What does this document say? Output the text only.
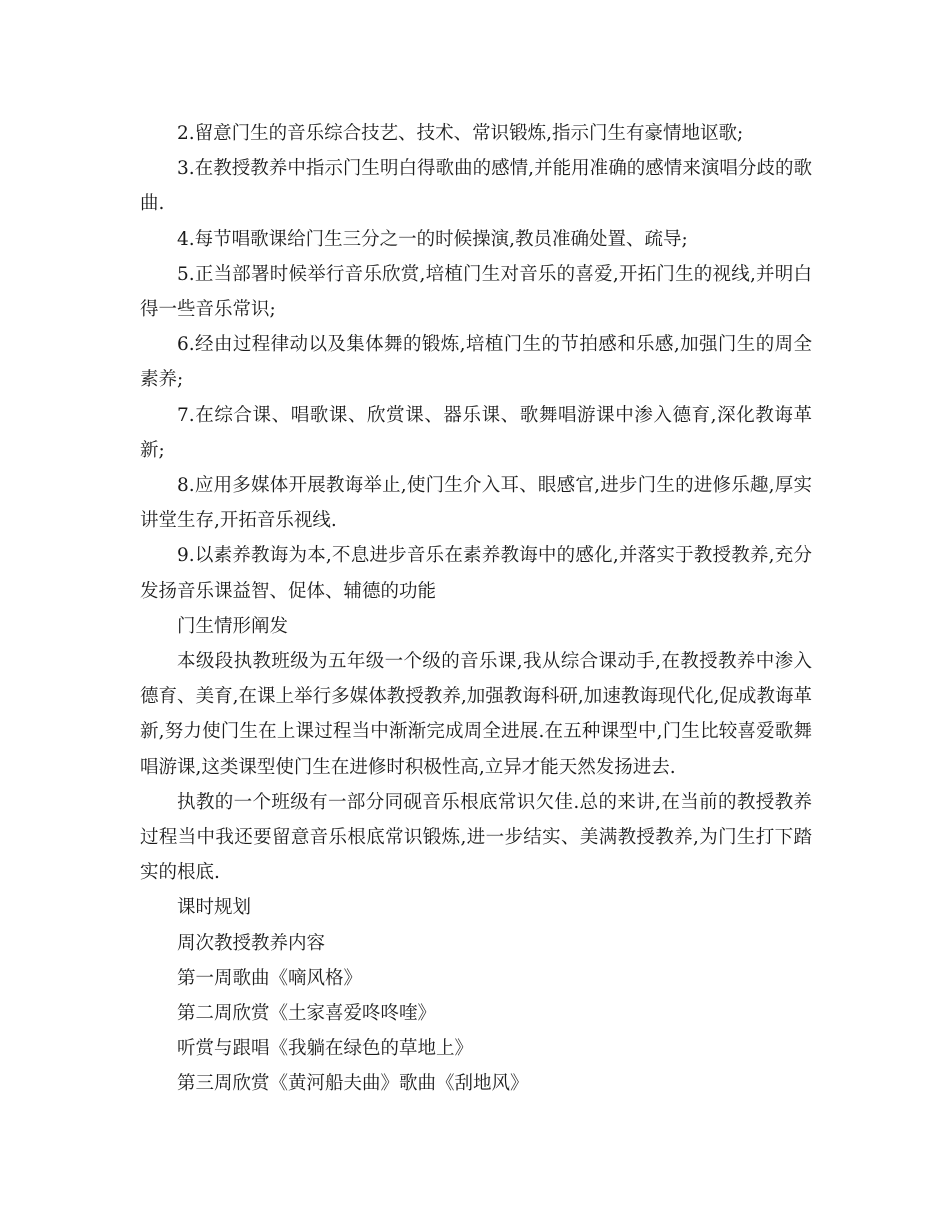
2.留意门生的音乐综合技艺、技术、常识锻炼,指示门生有豪情地讴歌;

3.在教授教养中指示门生明白得歌曲的感情,并能用准确的感情来演唱分歧的歌曲.

4.每节唱歌课给门生三分之一的时候操演,教员准确处置、疏导;

5.正当部署时候举行音乐欣赏,培植门生对音乐的喜爱,开拓门生的视线,并明白得一些音乐常识;

6.经由过程律动以及集体舞的锻炼,培植门生的节拍感和乐感,加强门生的周全素养;

7.在综合课、唱歌课、欣赏课、器乐课、歌舞唱游课中渗入德育,深化教诲革新;

8.应用多媒体开展教诲举止,使门生介入耳、眼感官,进步门生的进修乐趣,厚实讲堂生存,开拓音乐视线.

9.以素养教诲为本,不息进步音乐在素养教诲中的感化,并落实于教授教养,充分发扬音乐课益智、促体、辅德的功能

门生情形阐发

本级段执教班级为五年级一个级的音乐课,我从综合课动手,在教授教养中渗入德育、美育,在课上举行多媒体教授教养,加强教诲科研,加速教诲现代化,促成教诲革新,努力使门生在上课过程当中渐渐完成周全进展.在五种课型中,门生比较喜爱歌舞唱游课,这类课型使门生在进修时积极性高,立异才能天然发扬进去.

执教的一个班级有一部分同砚音乐根底常识欠佳.总的来讲,在当前的教授教养过程当中我还要留意音乐根底常识锻炼,进一步结实、美满教授教养,为门生打下踏实的根底.

课时规划

周次教授教养内容

第一周歌曲《嘀风格》

第二周欣赏《土家喜爱咚咚喹》

听赏与跟唱《我躺在绿色的草地上》

第三周欣赏《黄河船夫曲》歌曲《刮地风》
